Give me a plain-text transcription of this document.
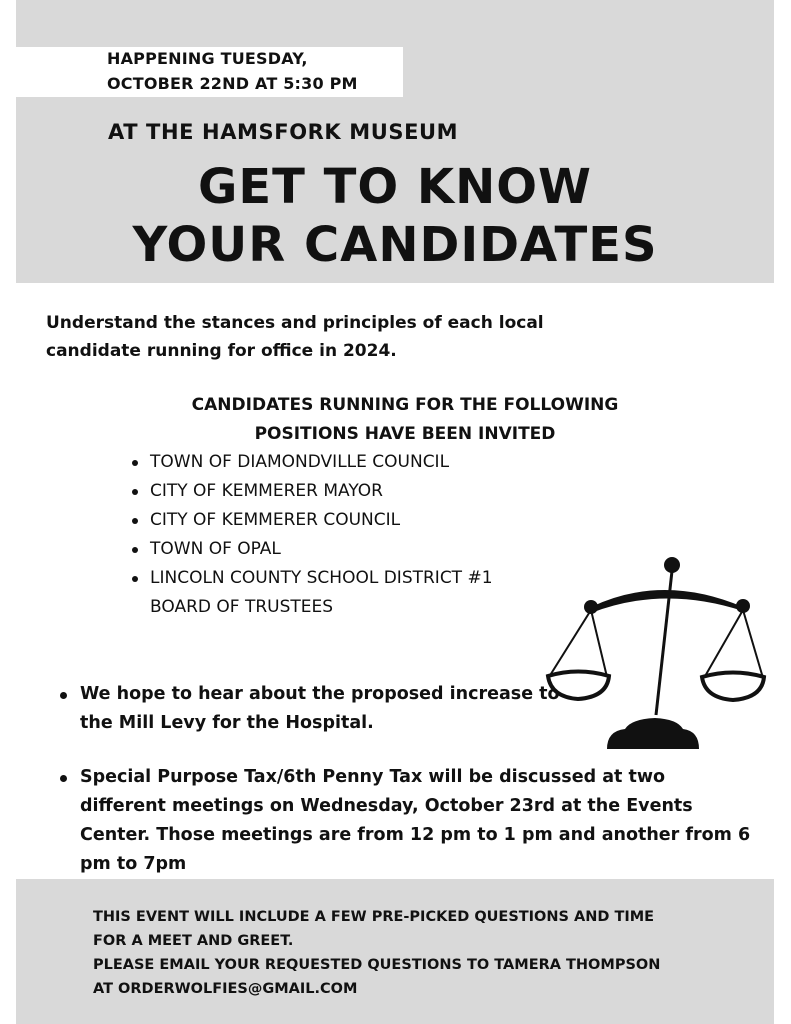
HAPPENING TUESDAY,
OCTOBER 22ND AT 5:30 PM
AT THE HAMSFORK MUSEUM
GET TO KNOW
YOUR CANDIDATES
Understand the stances and principles of each local
candidate running for office in 2024.
CANDIDATES RUNNING FOR THE FOLLOWING
POSITIONS HAVE BEEN INVITED
TOWN OF DIAMONDVILLE COUNCIL
CITY OF KEMMERER MAYOR
CITY OF KEMMERER COUNCIL
TOWN OF OPAL
LINCOLN COUNTY SCHOOL DISTRICT #1
BOARD OF TRUSTEES
We hope to hear about the proposed increase to the Mill Levy for the Hospital.
Special Purpose Tax/6th Penny Tax will be discussed at two different meetings on Wednesday, October 23rd at the Events Center. Those meetings are from 12 pm to 1 pm and another from 6 pm to 7pm
THIS EVENT WILL INCLUDE A FEW PRE-PICKED QUESTIONS AND TIME
FOR A MEET AND GREET.
PLEASE EMAIL YOUR REQUESTED QUESTIONS TO TAMERA THOMPSON
AT ORDERWOLFIES@GMAIL.COM
